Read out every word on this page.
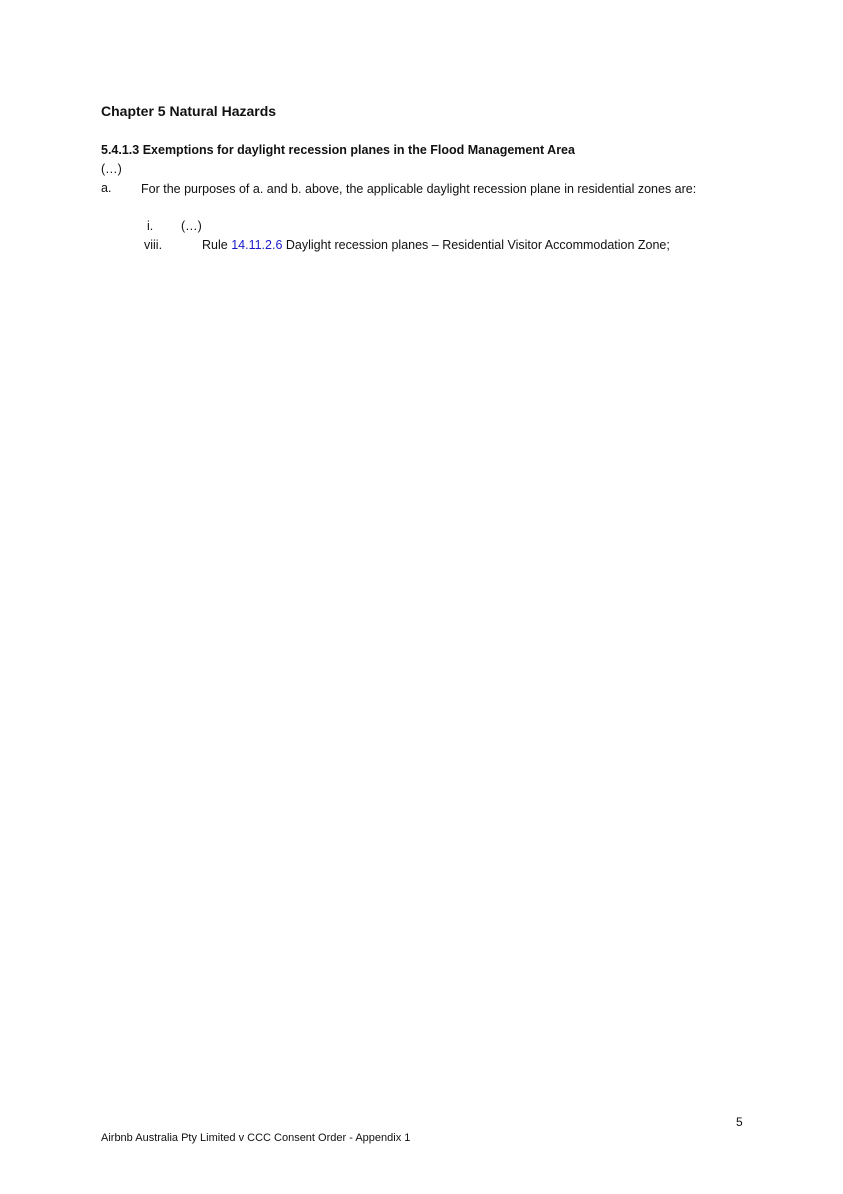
Chapter 5 Natural Hazards
5.4.1.3 Exemptions for daylight recession planes in the Flood Management Area
(…)
a. For the purposes of a. and b. above, the applicable daylight recession plane in residential zones are:
i. (…)
viii.	Rule 14.11.2.6 Daylight recession planes – Residential Visitor Accommodation Zone;
5
Airbnb Australia Pty Limited v CCC Consent Order - Appendix 1
